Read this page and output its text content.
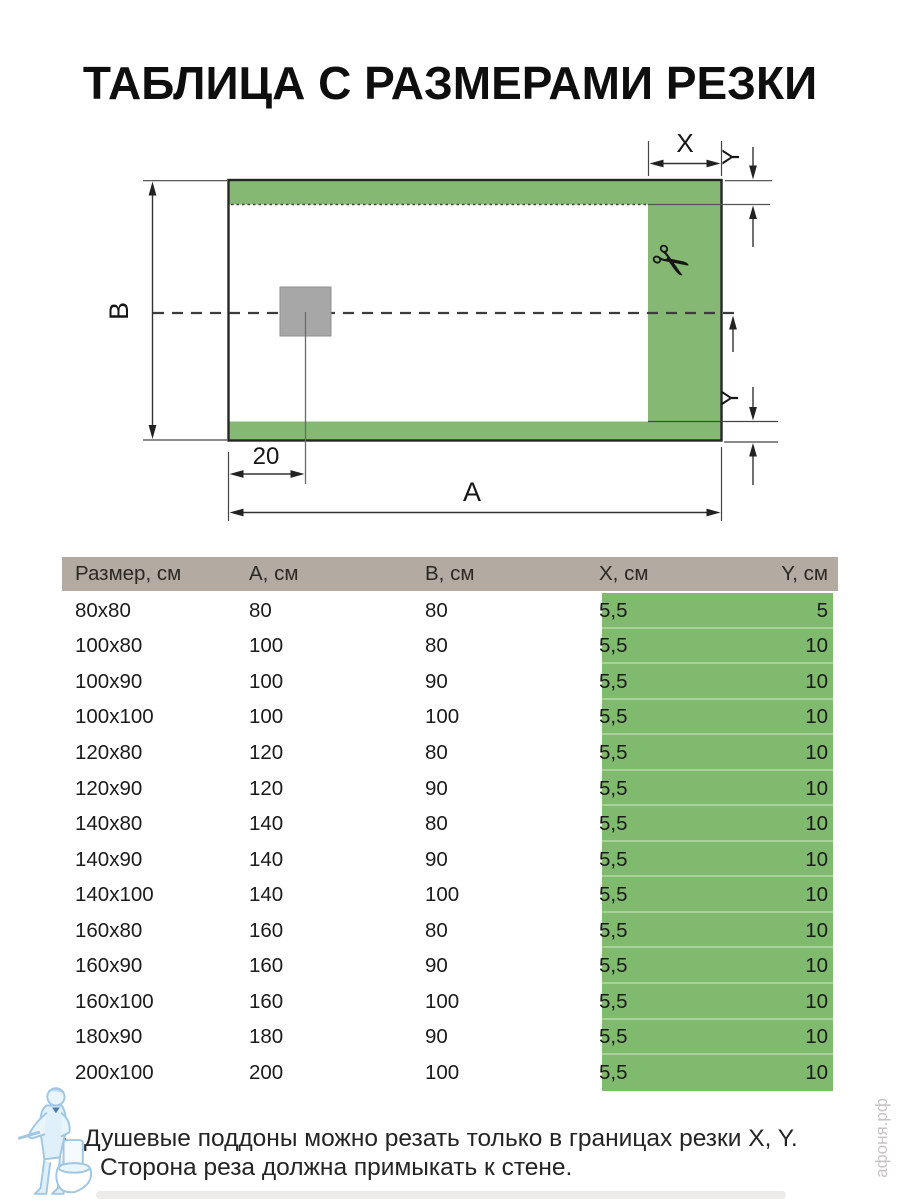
ТАБЛИЦА С РАЗМЕРАМИ РЕЗКИ
B
A
20
X Y
Y
✂
Размер, см	А, см	В, см	X, см	Y, см
80x80	80	80	5,5	5
100x80	100	80	5,5	10
100x90	100	90	5,5	10
100x100	100	100	5,5	10
120x80	120	80	5,5	10
120x90	120	90	5,5	10
140x80	140	80	5,5	10
140x90	140	90	5,5	10
140x100	140	100	5,5	10
160x80	160	80	5,5	10
160x90	160	90	5,5	10
160x100	160	100	5,5	10
180x90	180	90	5,5	10
200x100	200	100	5,5	10
Душевые поддоны можно резать только в границах резки X, Y.
Сторона реза должна примыкать к стене.	афоня.рф
